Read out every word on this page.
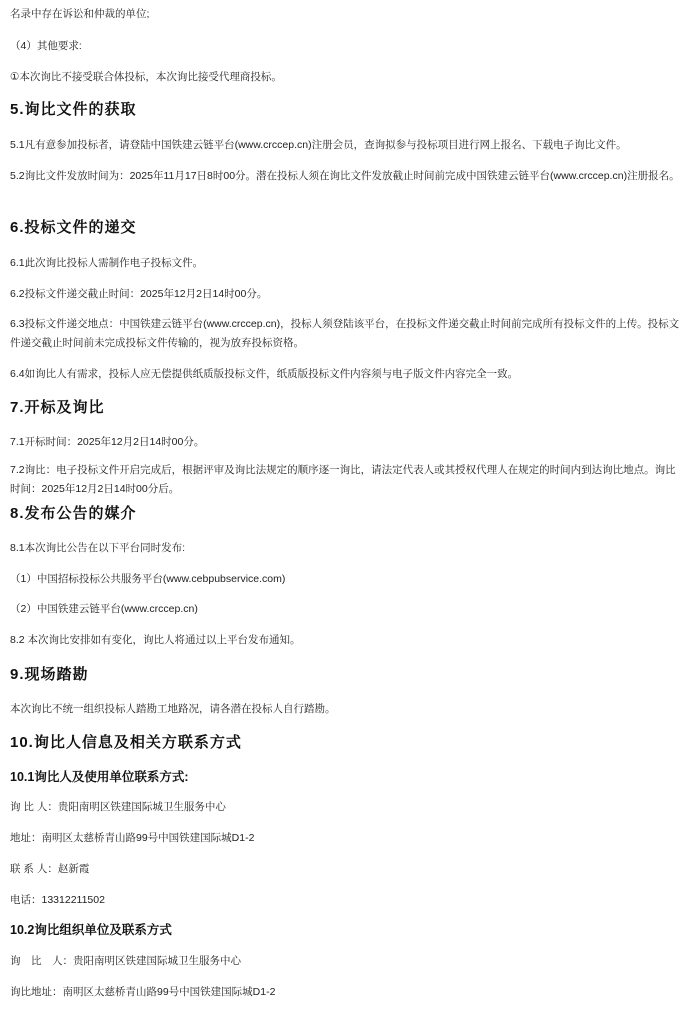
名录中存在诉讼和仲裁的单位;
（4）其他要求:
①本次询比不接受联合体投标，本次询比接受代理商投标。
5.询比文件的获取
5.1凡有意参加投标者，请登陆中国铁建云链平台(www.crccep.cn)注册会员，查询拟参与投标项目进行网上报名、下载电子询比文件。
5.2询比文件发放时间为：2025年11月17日8时00分。潜在投标人须在询比文件发放截止时间前完成中国铁建云链平台(www.crccep.cn)注册报名。
6.投标文件的递交
6.1此次询比投标人需制作电子投标文件。
6.2投标文件递交截止时间：2025年12月2日14时00分。
6.3投标文件递交地点：中国铁建云链平台(www.crccep.cn)，投标人须登陆该平台，在投标文件递交截止时间前完成所有投标文件的上传。投标文件递交截止时间前未完成投标文件传输的，视为放弃投标资格。
6.4如询比人有需求，投标人应无偿提供纸质版投标文件，纸质版投标文件内容须与电子版文件内容完全一致。
7.开标及询比
7.1开标时间：2025年12月2日14时00分。
7.2询比：电子投标文件开启完成后，根据评审及询比法规定的顺序逐一询比，请法定代表人或其授权代理人在规定的时间内到达询比地点。询比时间：2025年12月2日14时00分后。
8.发布公告的媒介
8.1本次询比公告在以下平台同时发布:
（1）中国招标投标公共服务平台(www.cebpubservice.com)
（2）中国铁建云链平台(www.crccep.cn)
8.2 本次询比安排如有变化，询比人将通过以上平台发布通知。
9.现场踏勘
本次询比不统一组织投标人踏勘工地路况，请各潜在投标人自行踏勘。
10.询比人信息及相关方联系方式
10.1询比人及使用单位联系方式:
询 比 人：贵阳南明区铁建国际城卫生服务中心
地址：南明区太慈桥青山路99号中国铁建国际城D1-2
联 系 人：赵新霞
电话：13312211502
10.2询比组织单位及联系方式
询　比　人：贵阳南明区铁建国际城卫生服务中心
询比地址：南明区太慈桥青山路99号中国铁建国际城D1-2
